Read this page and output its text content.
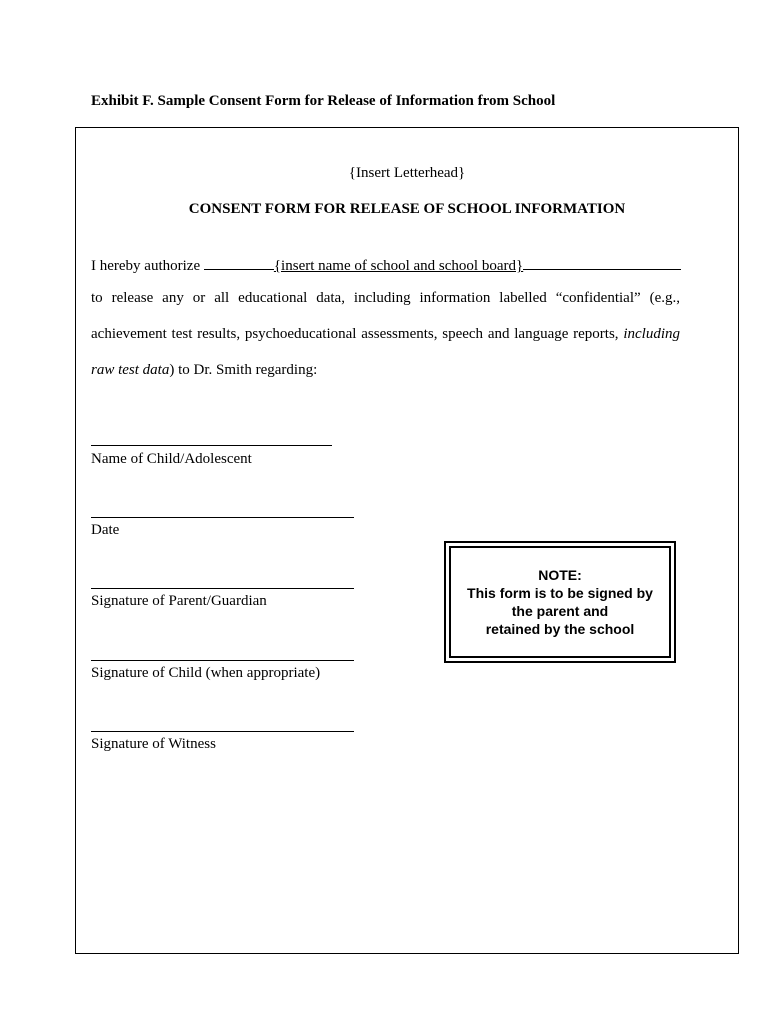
Exhibit F. Sample Consent Form for Release of Information from School
{Insert Letterhead}
CONSENT FORM FOR RELEASE OF SCHOOL INFORMATION
I hereby authorize	{insert name of school and school board}
to release any or all educational data, including information labelled “confidential” (e.g.,
achievement test results, psychoeducational assessments, speech and language reports, including
raw test data) to Dr. Smith regarding:
Name of Child/Adolescent
Date
Signature of Parent/Guardian
Signature of Child (when appropriate)
Signature of Witness
NOTE:
This form is to be signed by
the parent and
retained by the school
